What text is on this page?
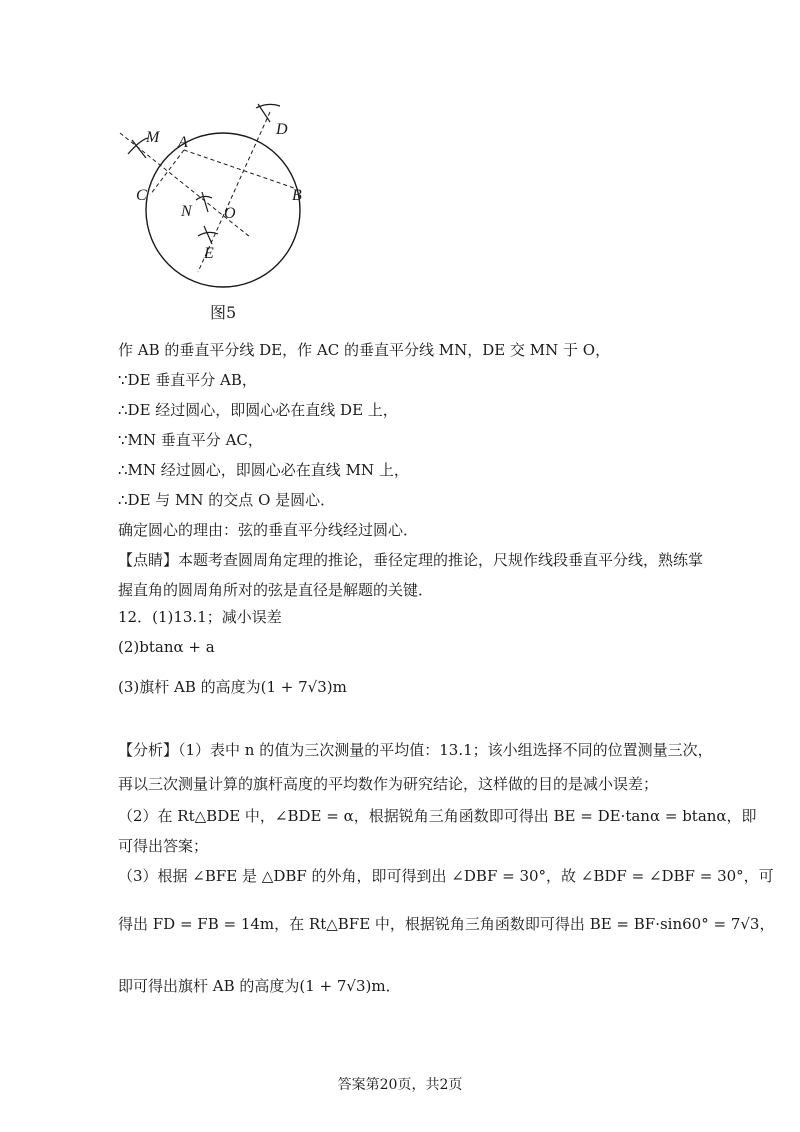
M A
D
C	B
N O
E
图5
作 AB 的垂直平分线 DE，作 AC 的垂直平分线 MN，DE 交 MN 于 O，
∵DE 垂直平分 AB，
∴DE 经过圆心，即圆心必在直线 DE 上，
∵MN 垂直平分 AC，
∴MN 经过圆心，即圆心必在直线 MN 上，
∴DE 与 MN 的交点 O 是圆心．
确定圆心的理由：弦的垂直平分线经过圆心．
【点睛】本题考查圆周角定理的推论，垂径定理的推论，尺规作线段垂直平分线，熟练掌
握直角的圆周角所对的弦是直径是解题的关键．
12．(1)13.1；减小误差
(2)btanα + a
(3)旗杆 AB 的高度为(1 + 7√3)m
【分析】（1）表中 n 的值为三次测量的平均值：13.1；该小组选择不同的位置测量三次，
再以三次测量计算的旗杆高度的平均数作为研究结论，这样做的目的是减小误差；
（2）在 Rt△BDE 中，∠BDE = α，根据锐角三角函数即可得出 BE = DE·tanα = btanα，即
可得出答案；
（3）根据 ∠BFE 是 △DBF 的外角，即可得到出 ∠DBF = 30°，故 ∠BDF = ∠DBF = 30°，可
得出 FD = FB = 14m，在 Rt△BFE 中，根据锐角三角函数即可得出 BE = BF·sin60° = 7√3，
即可得出旗杆 AB 的高度为(1 + 7√3)m．
答案第20页，共2页
